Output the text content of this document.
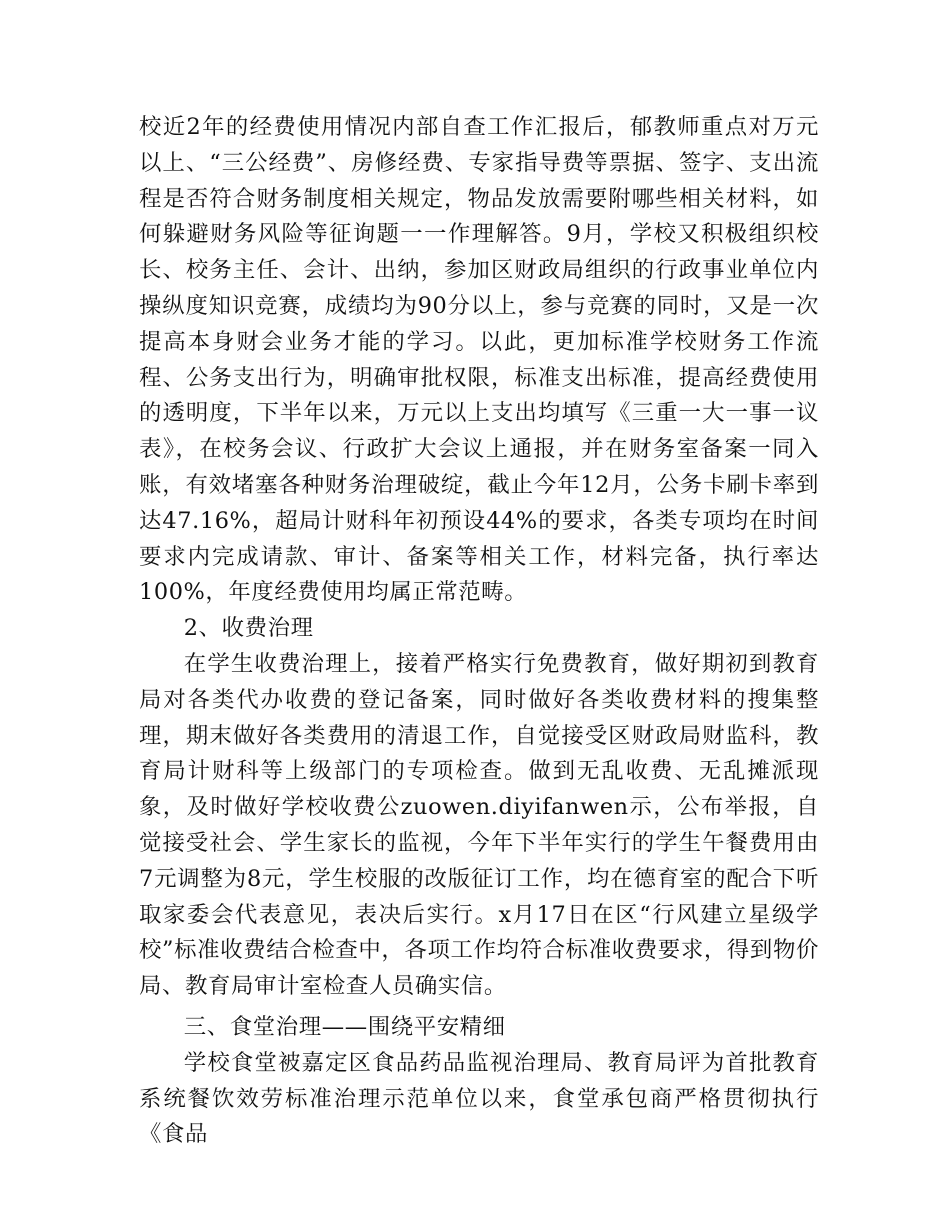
校近2年的经费使用情况内部自查工作汇报后，郁教师重点对万元以上、“三公经费”、房修经费、专家指导费等票据、签字、支出流程是否符合财务制度相关规定，物品发放需要附哪些相关材料，如何躲避财务风险等征询题一一作理解答。9月，学校又积极组织校长、校务主任、会计、出纳，参加区财政局组织的行政事业单位内操纵度知识竞赛，成绩均为90分以上，参与竞赛的同时，又是一次提高本身财会业务才能的学习。以此，更加标准学校财务工作流程、公务支出行为，明确审批权限，标准支出标准，提高经费使用的透明度，下半年以来，万元以上支出均填写《三重一大一事一议表》，在校务会议、行政扩大会议上通报，并在财务室备案一同入账，有效堵塞各种财务治理破绽，截止今年12月，公务卡刷卡率到达47.16%，超局计财科年初预设44%的要求，各类专项均在时间要求内完成请款、审计、备案等相关工作，材料完备，执行率达100%，年度经费使用均属正常范畴。

2、收费治理

在学生收费治理上，接着严格实行免费教育，做好期初到教育局对各类代办收费的登记备案，同时做好各类收费材料的搜集整理，期末做好各类费用的清退工作，自觉接受区财政局财监科，教育局计财科等上级部门的专项检查。做到无乱收费、无乱摊派现象，及时做好学校收费公zuowen.diyifanwen示，公布举报，自觉接受社会、学生家长的监视，今年下半年实行的学生午餐费用由7元调整为8元，学生校服的改版征订工作，均在德育室的配合下听取家委会代表意见，表决后实行。x月17日在区“行风建立星级学校”标准收费结合检查中，各项工作均符合标准收费要求，得到物价局、教育局审计室检查人员确实信。

三、食堂治理——围绕平安精细

学校食堂被嘉定区食品药品监视治理局、教育局评为首批教育系统餐饮效劳标准治理示范单位以来，食堂承包商严格贯彻执行《食品
